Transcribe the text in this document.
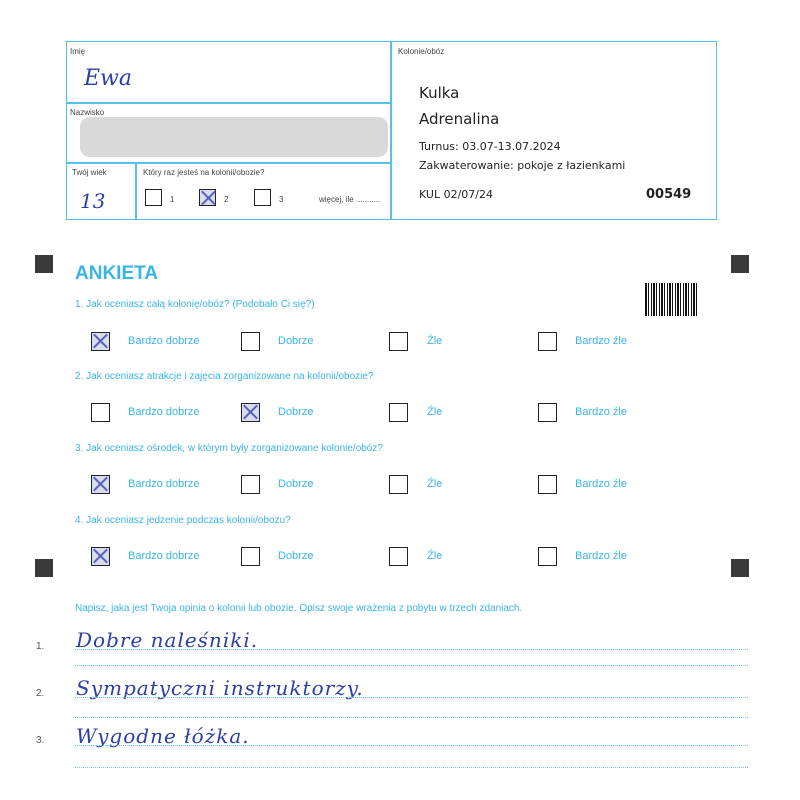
Imię
Ewa
Nazwisko
Twój wiek
13
Który raz jesteś na kolonii/obozie?
1	2	3	więcej, ile ...........
Kolonie/obóz
Kulka
Adrenalina
Turnus: 03.07-13.07.2024
Zakwaterowanie: pokoje z łazienkami
KUL 02/07/24	00549
ANKIETA
1. Jak oceniasz całą kolonię/obóz? (Podobało Ci się?)
Bardzo dobrze	Dobrze	Źle	Bardzo źle
2. Jak oceniasz atrakcje i zajęcia zorganizowane na kolonii/obozie?
Bardzo dobrze	Dobrze	Źle	Bardzo źle
3. Jak oceniasz ośrodek, w którym były zorganizowane kolonie/obóz?
Bardzo dobrze	Dobrze	Źle	Bardzo źle
4. Jak oceniasz jedzenie podczas kolonii/obozu?
Bardzo dobrze	Dobrze	Źle	Bardzo źle
Napisz, jaka jest Twoja opinia o kolonii lub obozie. Opisz swoje wrażenia z pobytu w trzech zdaniach.
1. Dobre naleśniki.
2. Sympatyczni instruktorzy.
3. Wygodne łóżka.
